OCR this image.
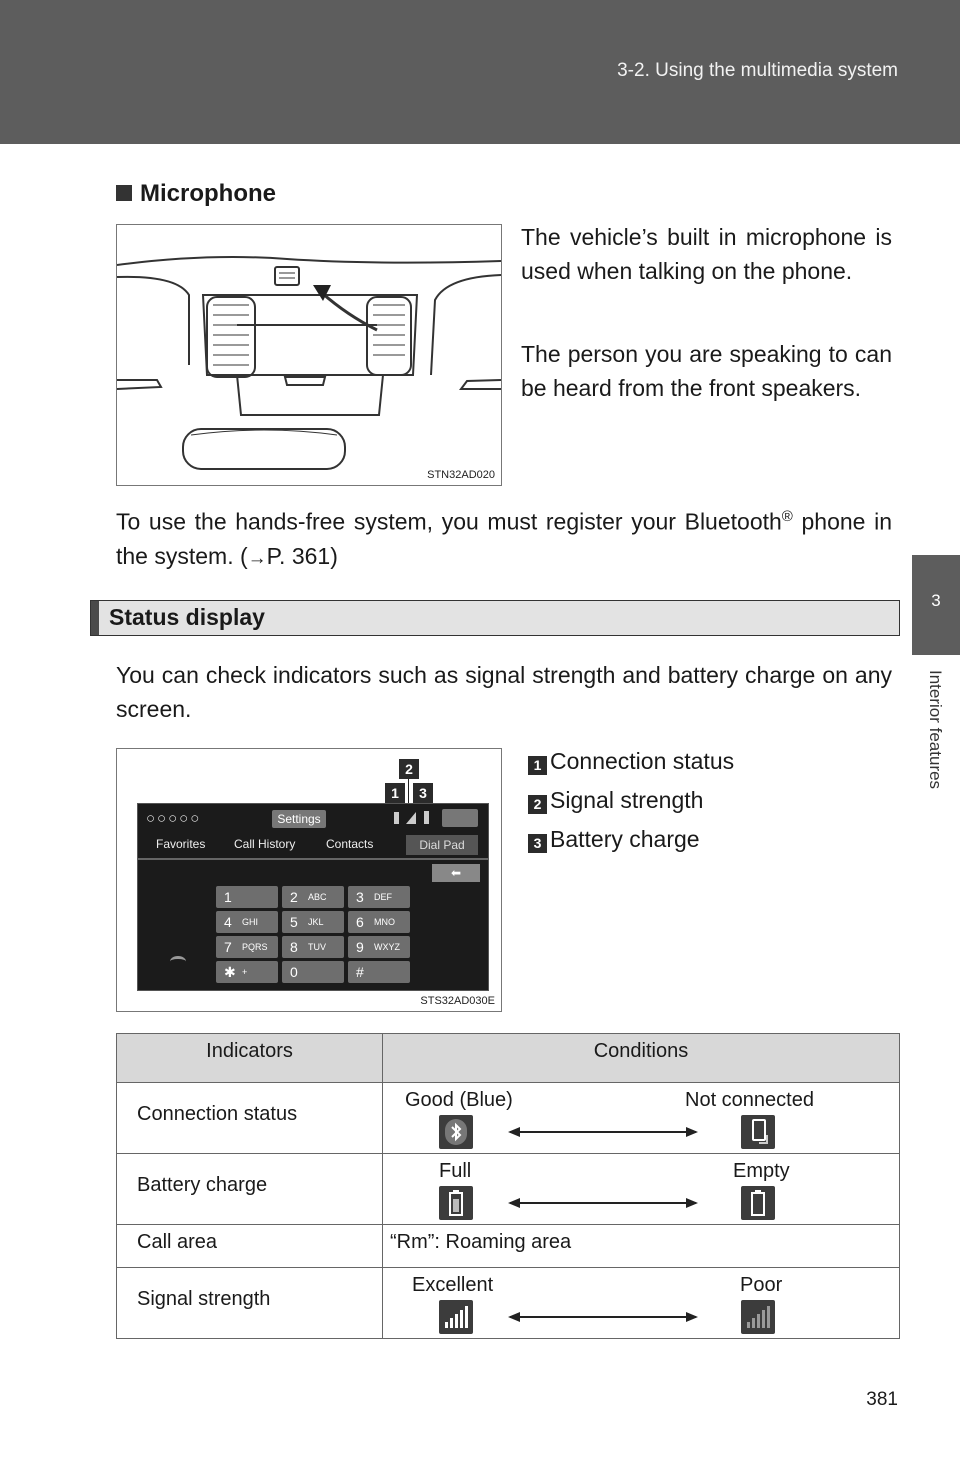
3-2. Using the multimedia system
3
Interior features
Microphone
STN32AD020

The vehicle’s built in microphone is used when talking on the phone.

The person you are speaking to can be heard from the front speakers.

To use the hands-free system, you must register your Bluetooth® phone in the system. (→P. 361)

Status display

You can check indicators such as signal strength and battery charge on any screen.

2
1	3
○○○○○	Settings
Favorites	Call History	Contacts	Dial Pad
⬅
1	2 ABC 3 DEF
4 GHI 5 JKL 6 MNO
7 PQRS 8 TUV 9 WXYZ
✱ +	0	#
STS32AD030E
1 Connection status
2 Signal strength
3 Battery charge
Indicators	Conditions

Connection status	Good (Blue) Not connected

Battery charge	Full Empty

Call area	“Rm”: Roaming area

Signal strength	Excellent Poor
381
